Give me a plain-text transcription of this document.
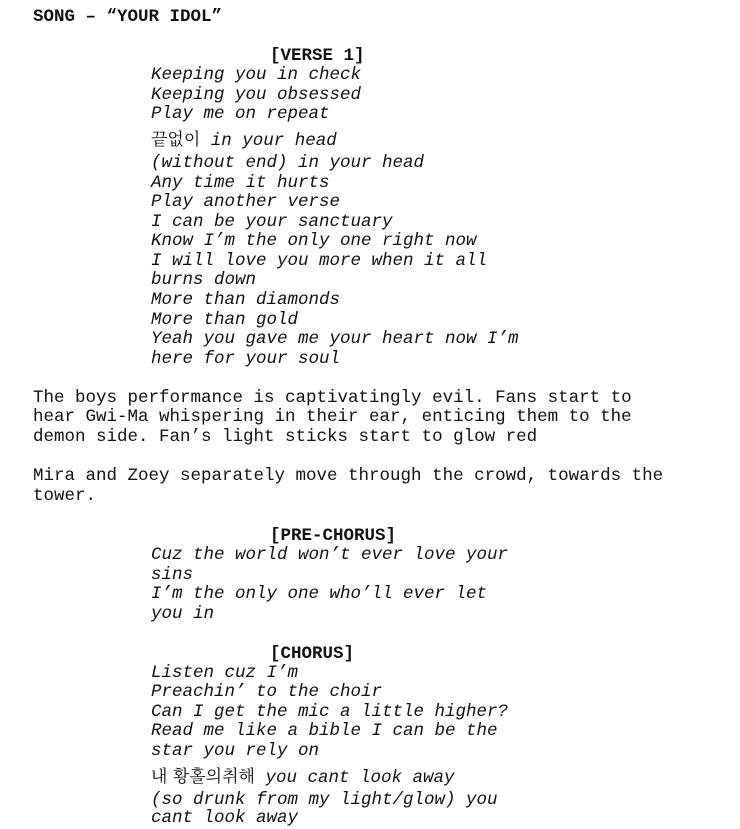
SONG – “YOUR IDOL”
[VERSE 1]
Keeping you in check
Keeping you obsessed
Play me on repeat
끝없이 in your head
(without end) in your head
Any time it hurts
Play another verse
I can be your sanctuary
Know I’m the only one right now
I will love you more when it all
burns down
More than diamonds
More than gold
Yeah you gave me your heart now I’m
here for your soul
The boys performance is captivatingly evil. Fans start to
hear Gwi-Ma whispering in their ear, enticing them to the
demon side. Fan’s light sticks start to glow red
Mira and Zoey separately move through the crowd, towards the
tower.
[PRE-CHORUS]
Cuz the world won’t ever love your
sins
I’m the only one who’ll ever let
you in
[CHORUS]
Listen cuz I’m
Preachin’ to the choir
Can I get the mic a little higher?
Read me like a bible I can be the
star you rely on
내 황홀의취해 you cant look away
(so drunk from my light/glow) you
cant look away
